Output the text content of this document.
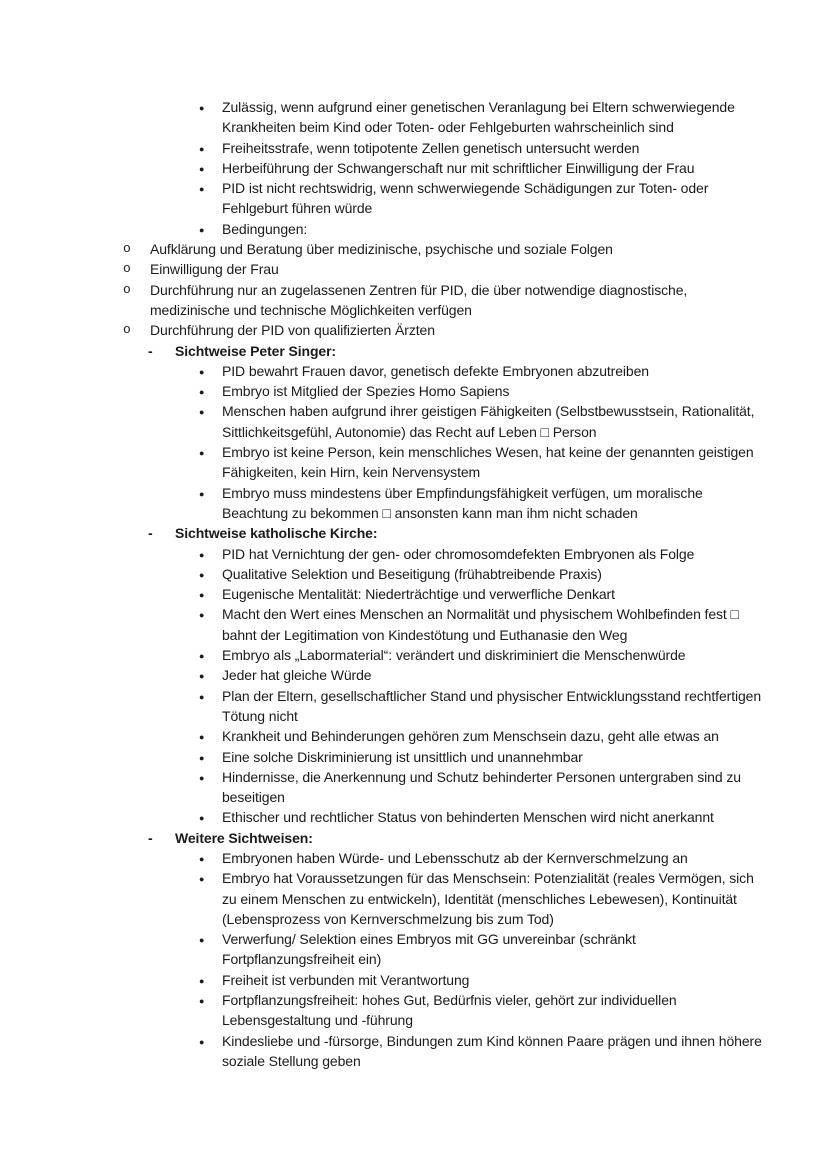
● Zulässig, wenn aufgrund einer genetischen Veranlagung bei Eltern schwerwiegende Krankheiten beim Kind oder Toten- oder Fehlgeburten wahrscheinlich sind
● Freiheitsstrafe, wenn totipotente Zellen genetisch untersucht werden
● Herbeiführung der Schwangerschaft nur mit schriftlicher Einwilligung der Frau
● PID ist nicht rechtswidrig, wenn schwerwiegende Schädigungen zur Toten- oder Fehlgeburt führen würde
● Bedingungen:
o Aufklärung und Beratung über medizinische, psychische und soziale Folgen
o Einwilligung der Frau
o Durchführung nur an zugelassenen Zentren für PID, die über notwendige diagnostische, medizinische und technische Möglichkeiten verfügen
o Durchführung der PID von qualifizierten Ärzten
- Sichtweise Peter Singer:
● PID bewahrt Frauen davor, genetisch defekte Embryonen abzutreiben
● Embryo ist Mitglied der Spezies Homo Sapiens
● Menschen haben aufgrund ihrer geistigen Fähigkeiten (Selbstbewusstsein, Rationalität, Sittlichkeitsgefühl, Autonomie) das Recht auf Leben □ Person
● Embryo ist keine Person, kein menschliches Wesen, hat keine der genannten geistigen Fähigkeiten, kein Hirn, kein Nervensystem
● Embryo muss mindestens über Empfindungsfähigkeit verfügen, um moralische Beachtung zu bekommen □ ansonsten kann man ihm nicht schaden
- Sichtweise katholische Kirche:
● PID hat Vernichtung der gen- oder chromosomdefekten Embryonen als Folge
● Qualitative Selektion und Beseitigung (frühabtreibende Praxis)
● Eugenische Mentalität: Niederträchtige und verwerfliche Denkart
● Macht den Wert eines Menschen an Normalität und physischem Wohlbefinden fest □ bahnt der Legitimation von Kindestötung und Euthanasie den Weg
● Embryo als „Labormaterial“: verändert und diskriminiert die Menschenwürde
● Jeder hat gleiche Würde
● Plan der Eltern, gesellschaftlicher Stand und physischer Entwicklungsstand rechtfertigen Tötung nicht
● Krankheit und Behinderungen gehören zum Menschsein dazu, geht alle etwas an
● Eine solche Diskriminierung ist unsittlich und unannehmbar
● Hindernisse, die Anerkennung und Schutz behinderter Personen untergraben sind zu beseitigen
● Ethischer und rechtlicher Status von behinderten Menschen wird nicht anerkannt
- Weitere Sichtweisen:
● Embryonen haben Würde- und Lebensschutz ab der Kernverschmelzung an
● Embryo hat Voraussetzungen für das Menschsein: Potenzialität (reales Vermögen, sich zu einem Menschen zu entwickeln), Identität (menschliches Lebewesen), Kontinuität (Lebensprozess von Kernverschmelzung bis zum Tod)
● Verwerfung/ Selektion eines Embryos mit GG unvereinbar (schränkt Fortpflanzungsfreiheit ein)
● Freiheit ist verbunden mit Verantwortung
● Fortpflanzungsfreiheit: hohes Gut, Bedürfnis vieler, gehört zur individuellen Lebensgestaltung und -führung
● Kindesliebe und -fürsorge, Bindungen zum Kind können Paare prägen und ihnen höhere soziale Stellung geben
